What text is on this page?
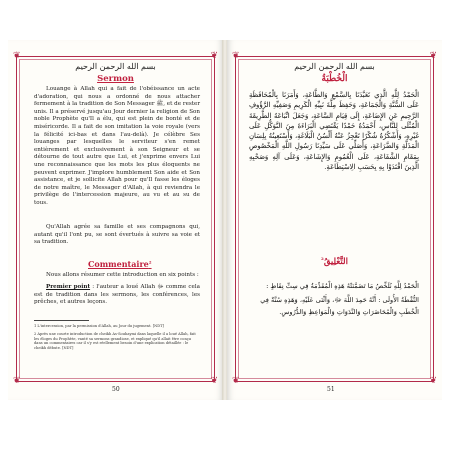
❦	❦
❦	❦
بسم الله الرحمن الرحيم
Sermon

Louange à Allah qui a fait de l'obéissance un acte d'adoration, qui nous a ordonné de nous attacher fermement à la tradition de Son Messager ﷺ, et de rester unis. Il a préservé jusqu'au Jour dernier la religion de Son noble Prophète qu'Il a élu, qui est plein de bonté et de miséricorde. Il a fait de son imitation la voie royale (vers la félicité ici-bas et dans l'au-delà). Je célèbre Ses louanges par lesquelles le serviteur s'en remet entièrement et exclusivement à son Seigneur et se détourne de tout autre que Lui, et j'exprime envers Lui une reconnaissance que les mots les plus éloquents ne peuvent exprimer. J'implore humblement Son aide et Son assistance, et je sollicite Allah pour qu'Il fasse les éloges de notre maître, le Messager d'Allah, à qui reviendra le privilège de l'intercession majeure, au vu et au su de tous.

Qu'Allah agrée sa famille et ses compagnons qui, autant qu'il l'ont pu, se sont évertués à suivre sa voie et sa tradition.

Commentaire$^2$

Nous allons résumer cette introduction en six points :

Premier point : l'auteur a loué Allah ﷻ comme cela est de tradition dans les sermons, les conférences, les prêches, et autres leçons.

1 L'intercession, par la permission d'Allah, au Jour du jugement. [NDT]

2 Après une courte introduction de cheikh As-Souhaymi dans laquelle il a loué Allah, fait les éloges du Prophète, vanté sa sermons grandiose, et expliqué qu'il allait être conçu dans un commentaires car il s'y est réellement besoin d'une explication détaillée : le cheikh débute. [NDT]

50
❦	❦
❦	❦
بسم الله الرحمن الرحيم
الْخُطْبَةُ

الْحَمْدُ لِلَّهِ الَّذِي تَعَبَّدَنَا بِالسَّمْعِ وَالطَّاعَةِ، وَأَمَرَنَا بِالْمُحَافَظَةِ عَلَى السُّنَّةِ وَالْجَمَاعَةِ، وَحَفِظَ مِلَّةَ نَبِيِّهِ الْكَرِيمِ وَصَفِيِّهِ الرَّؤُوفِ الرَّحِيمِ عَنِ الإِضَاعَةِ، إِلَى قِيَامِ السَّاعَةِ، وَجَعَلَ اتِّبَاعَهُ الطَّرِيقَةَ الْمُثْلَى لِلنَّاسِ، أَحْمَدُهُ حَمْدًا يَقْتَضِي الْبَرَاءَةَ مِنَ التَّوَكُّلِ عَلَى غَيْرِهِ، وَأَشْكُرُهُ شُكْرًا تَعْجِزُ عَنْهُ أَلْسُنُ الْبَلَاغَةِ، وَأَسْتَعِينُهُ بِلِسَانِ الْمَذَلَّةِ وَالضَّرَاعَةِ، وَأُصَلِّي عَلَى سَيِّدِنَا رَسُولِ اللَّهِ الْمَخْصُوصِ بِمَقَامِ الشَّفَاعَةِ، عَلَى الْعُمُومِ وَالإِشَاعَةِ، وَعَلَى آلِهِ وَصَحْبِهِ الَّذِينَ اقْتَدَوْا بِهِ بِحَسَبِ الِاسْتِطَاعَةِ.

التَّعْلِيقُ$^2$

الْحَمْدُ لِلَّهِ نُلَخِّصُ مَا تَضَمَّنَتْهُ هَذِهِ الْمُقَدِّمَةُ فِي سِتِّ نِقَاطٍ :

النُّقْطَةُ الأُولَى : أَنَّهُ حَمِدَ اللَّهَ ﷻ، وَأَثْنَى عَلَيْهِ، وَهَذِهِ سُنَّةٌ فِي

الْخُطَبِ وَالْمُحَاضَرَاتِ وَالنَّدَوَاتِ وَالْمَوَاعِظِ وَالدُّرُوسِ.

51
